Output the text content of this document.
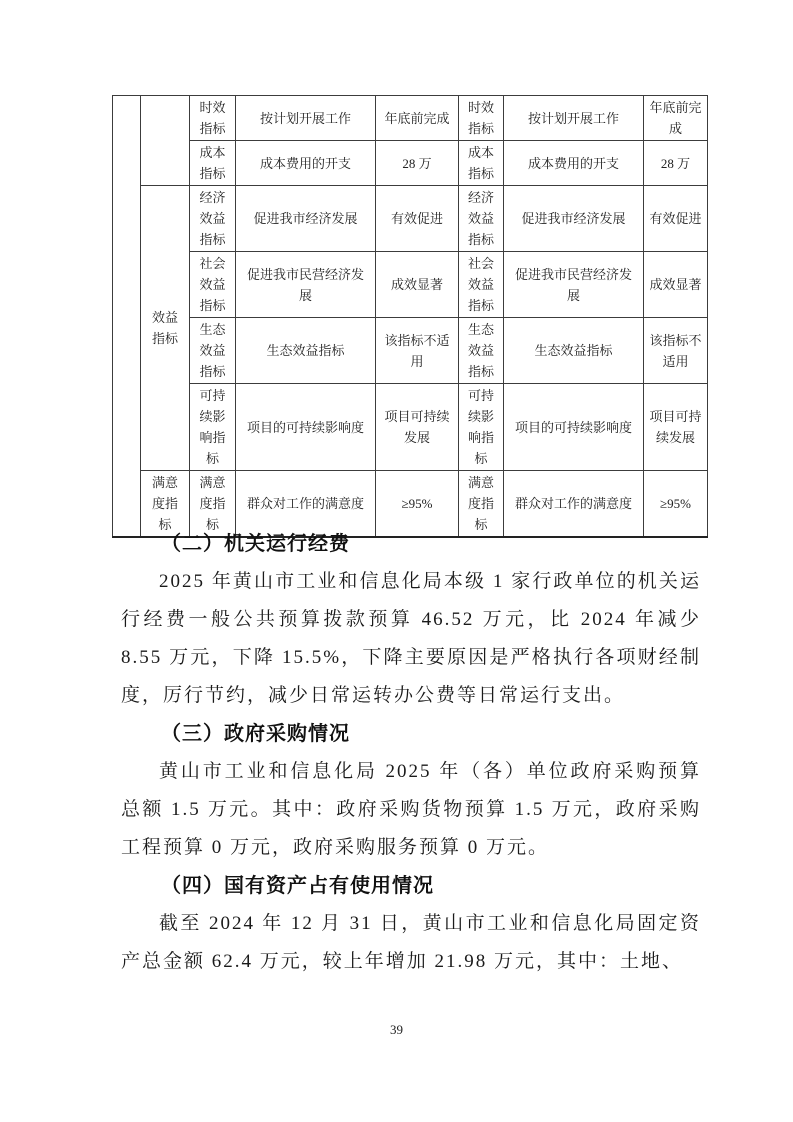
		时效指标	按计划开展工作	年底前完成	时效指标	按计划开展工作	年底前完成
		成本指标	成本费用的开支	28 万	成本指标	成本费用的开支	28 万
	效益指标	经济效益指标	促进我市经济发展	有效促进	经济效益指标	促进我市经济发展	有效促进
		社会效益指标	促进我市民营经济发展	成效显著	社会效益指标	促进我市民营经济发展	成效显著
		生态效益指标	生态效益指标	该指标不适用	生态效益指标	生态效益指标	该指标不适用
		可持续影响指标	项目的可持续影响度	项目可持续发展	可持续影响指标	项目的可持续影响度	项目可持续发展
	满意度指标	满意度指标	群众对工作的满意度	≥95%	满意度指标	群众对工作的满意度	≥95%
（二）机关运行经费
2025 年黄山市工业和信息化局本级 1 家行政单位的机关运行经费一般公共预算拨款预算 46.52 万元，比 2024 年减少 8.55 万元，下降 15.5%，下降主要原因是严格执行各项财经制度，厉行节约，减少日常运转办公费等日常运行支出。
（三）政府采购情况
黄山市工业和信息化局 2025 年（各）单位政府采购预算总额 1.5 万元。其中：政府采购货物预算 1.5 万元，政府采购工程预算 0 万元，政府采购服务预算 0 万元。
（四）国有资产占有使用情况
截至 2024 年 12 月 31 日，黄山市工业和信息化局固定资产总金额 62.4 万元，较上年增加 21.98 万元，其中：土地、
39
